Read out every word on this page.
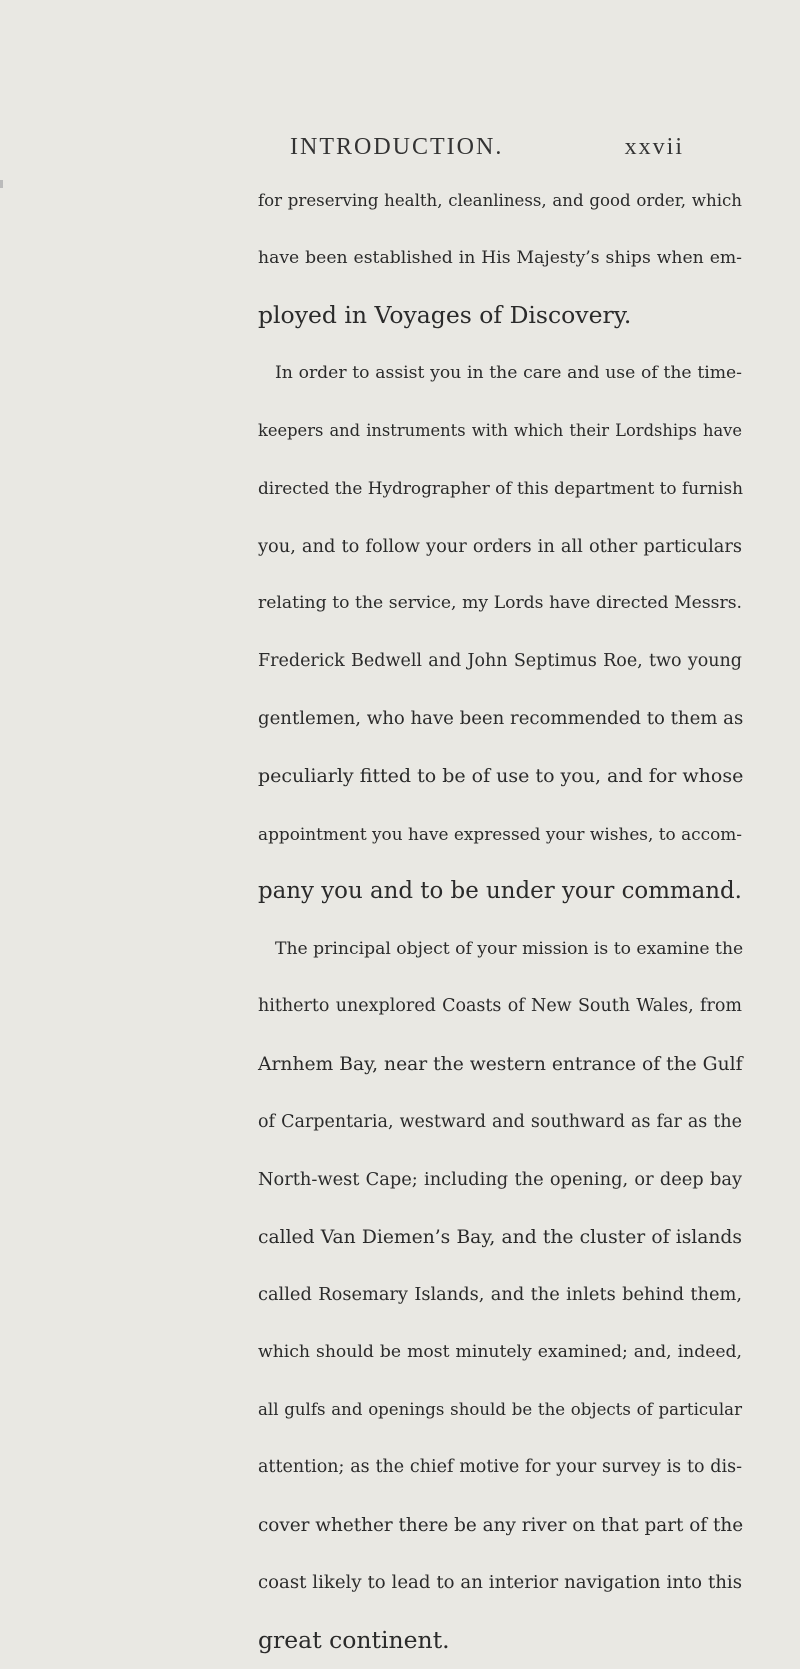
INTRODUCTION.	xxvii
for preserving health, cleanliness, and good order, which
have been established in His Majesty’s ships when em-
ployed in Voyages of Discovery.
In order to assist you in the care and use of the time-
keepers and instruments with which their Lordships have
directed the Hydrographer of this department to furnish
you, and to follow your orders in all other particulars
relating to the service, my Lords have directed Messrs.
Frederick Bedwell and John Septimus Roe, two young
gentlemen, who have been recommended to them as
peculiarly fitted to be of use to you, and for whose
appointment you have expressed your wishes, to accom-
pany you and to be under your command.
The principal object of your mission is to examine the
hitherto unexplored Coasts of New South Wales, from
Arnhem Bay, near the western entrance of the Gulf
of Carpentaria, westward and southward as far as the
North-west Cape; including the opening, or deep bay
called Van Diemen’s Bay, and the cluster of islands
called Rosemary Islands, and the inlets behind them,
which should be most minutely examined; and, indeed,
all gulfs and openings should be the objects of particular
attention; as the chief motive for your survey is to dis-
cover whether there be any river on that part of the
coast likely to lead to an interior navigation into this
great continent.
